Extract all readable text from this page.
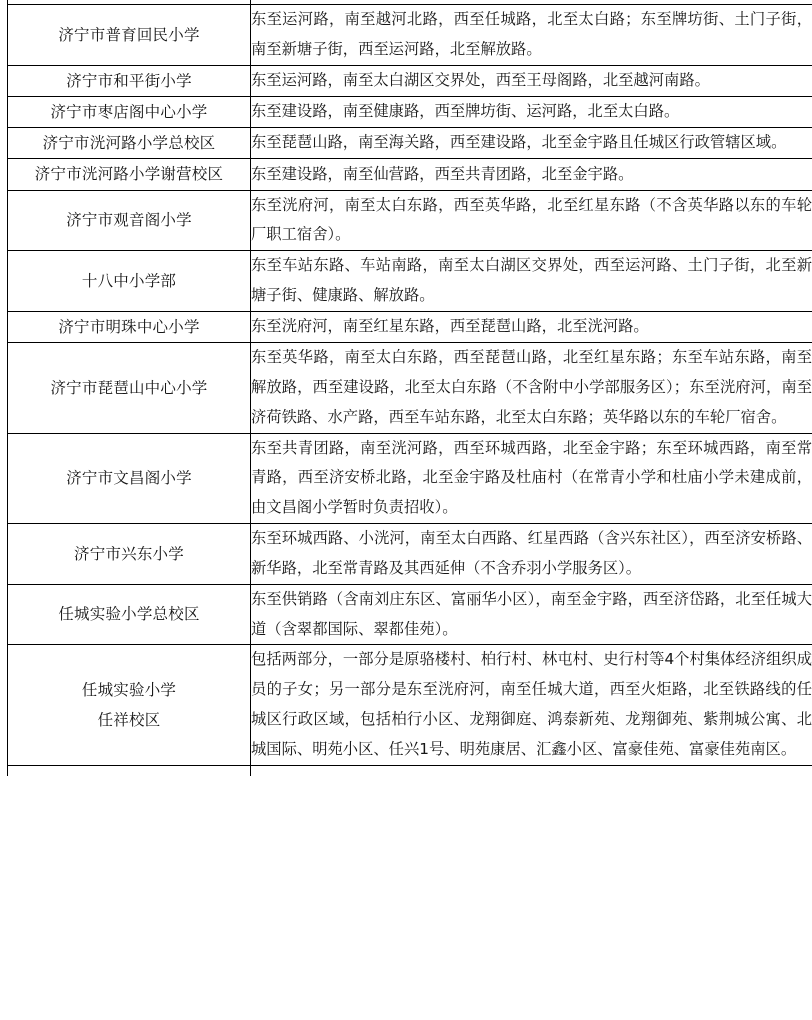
济宁市普育回民小学	东至运河路，南至越河北路，西至任城路，北至太白路；东至牌坊街、土门子街，南至新塘子街，西至运河路，北至解放路。

济宁市和平街小学	东至运河路，南至太白湖区交界处，西至王母阁路，北至越河南路。

济宁市枣店阁中心小学	东至建设路，南至健康路，西至牌坊街、运河路，北至太白路。

济宁市洸河路小学总校区	东至琵琶山路，南至海关路，西至建设路，北至金宇路且任城区行政管辖区域。

济宁市洸河路小学谢营校区	东至建设路，南至仙营路，西至共青团路，北至金宇路。

济宁市观音阁小学	东至洸府河，南至太白东路，西至英华路，北至红星东路（不含英华路以东的车轮厂职工宿舍）。

十八中小学部	东至车站东路、车站南路，南至太白湖区交界处，西至运河路、土门子街，北至新塘子街、健康路、解放路。

济宁市明珠中心小学	东至洸府河，南至红星东路，西至琵琶山路，北至洸河路。

济宁市琵琶山中心小学	东至英华路，南至太白东路，西至琵琶山路，北至红星东路；东至车站东路，南至解放路，西至建设路，北至太白东路（不含附中小学部服务区）；东至洸府河，南至济荷铁路、水产路，西至车站东路，北至太白东路；英华路以东的车轮厂宿舍。

济宁市文昌阁小学	东至共青团路，南至洸河路，西至环城西路，北至金宇路；东至环城西路，南至常青路，西至济安桥北路，北至金宇路及杜庙村（在常青小学和杜庙小学未建成前，由文昌阁小学暂时负责招收）。

济宁市兴东小学	东至环城西路、小洸河，南至太白西路、红星西路（含兴东社区），西至济安桥路、新华路，北至常青路及其西延伸（不含乔羽小学服务区）。

任城实验小学总校区	东至供销路（含南刘庄东区、富丽华小区），南至金宇路，西至济岱路，北至任城大道（含翠都国际、翠都佳苑）。

任城实验小学
任祥校区	包括两部分，一部分是原骆楼村、柏行村、林屯村、史行村等4个村集体经济组织成员的子女；另一部分是东至洸府河，南至任城大道，西至火炬路，北至铁路线的任城区行政区域，包括柏行小区、龙翔御庭、鸿泰新苑、龙翔御苑、紫荆城公寓、北城国际、明苑小区、任兴1号、明苑康居、汇鑫小区、富豪佳苑、富豪佳苑南区。
